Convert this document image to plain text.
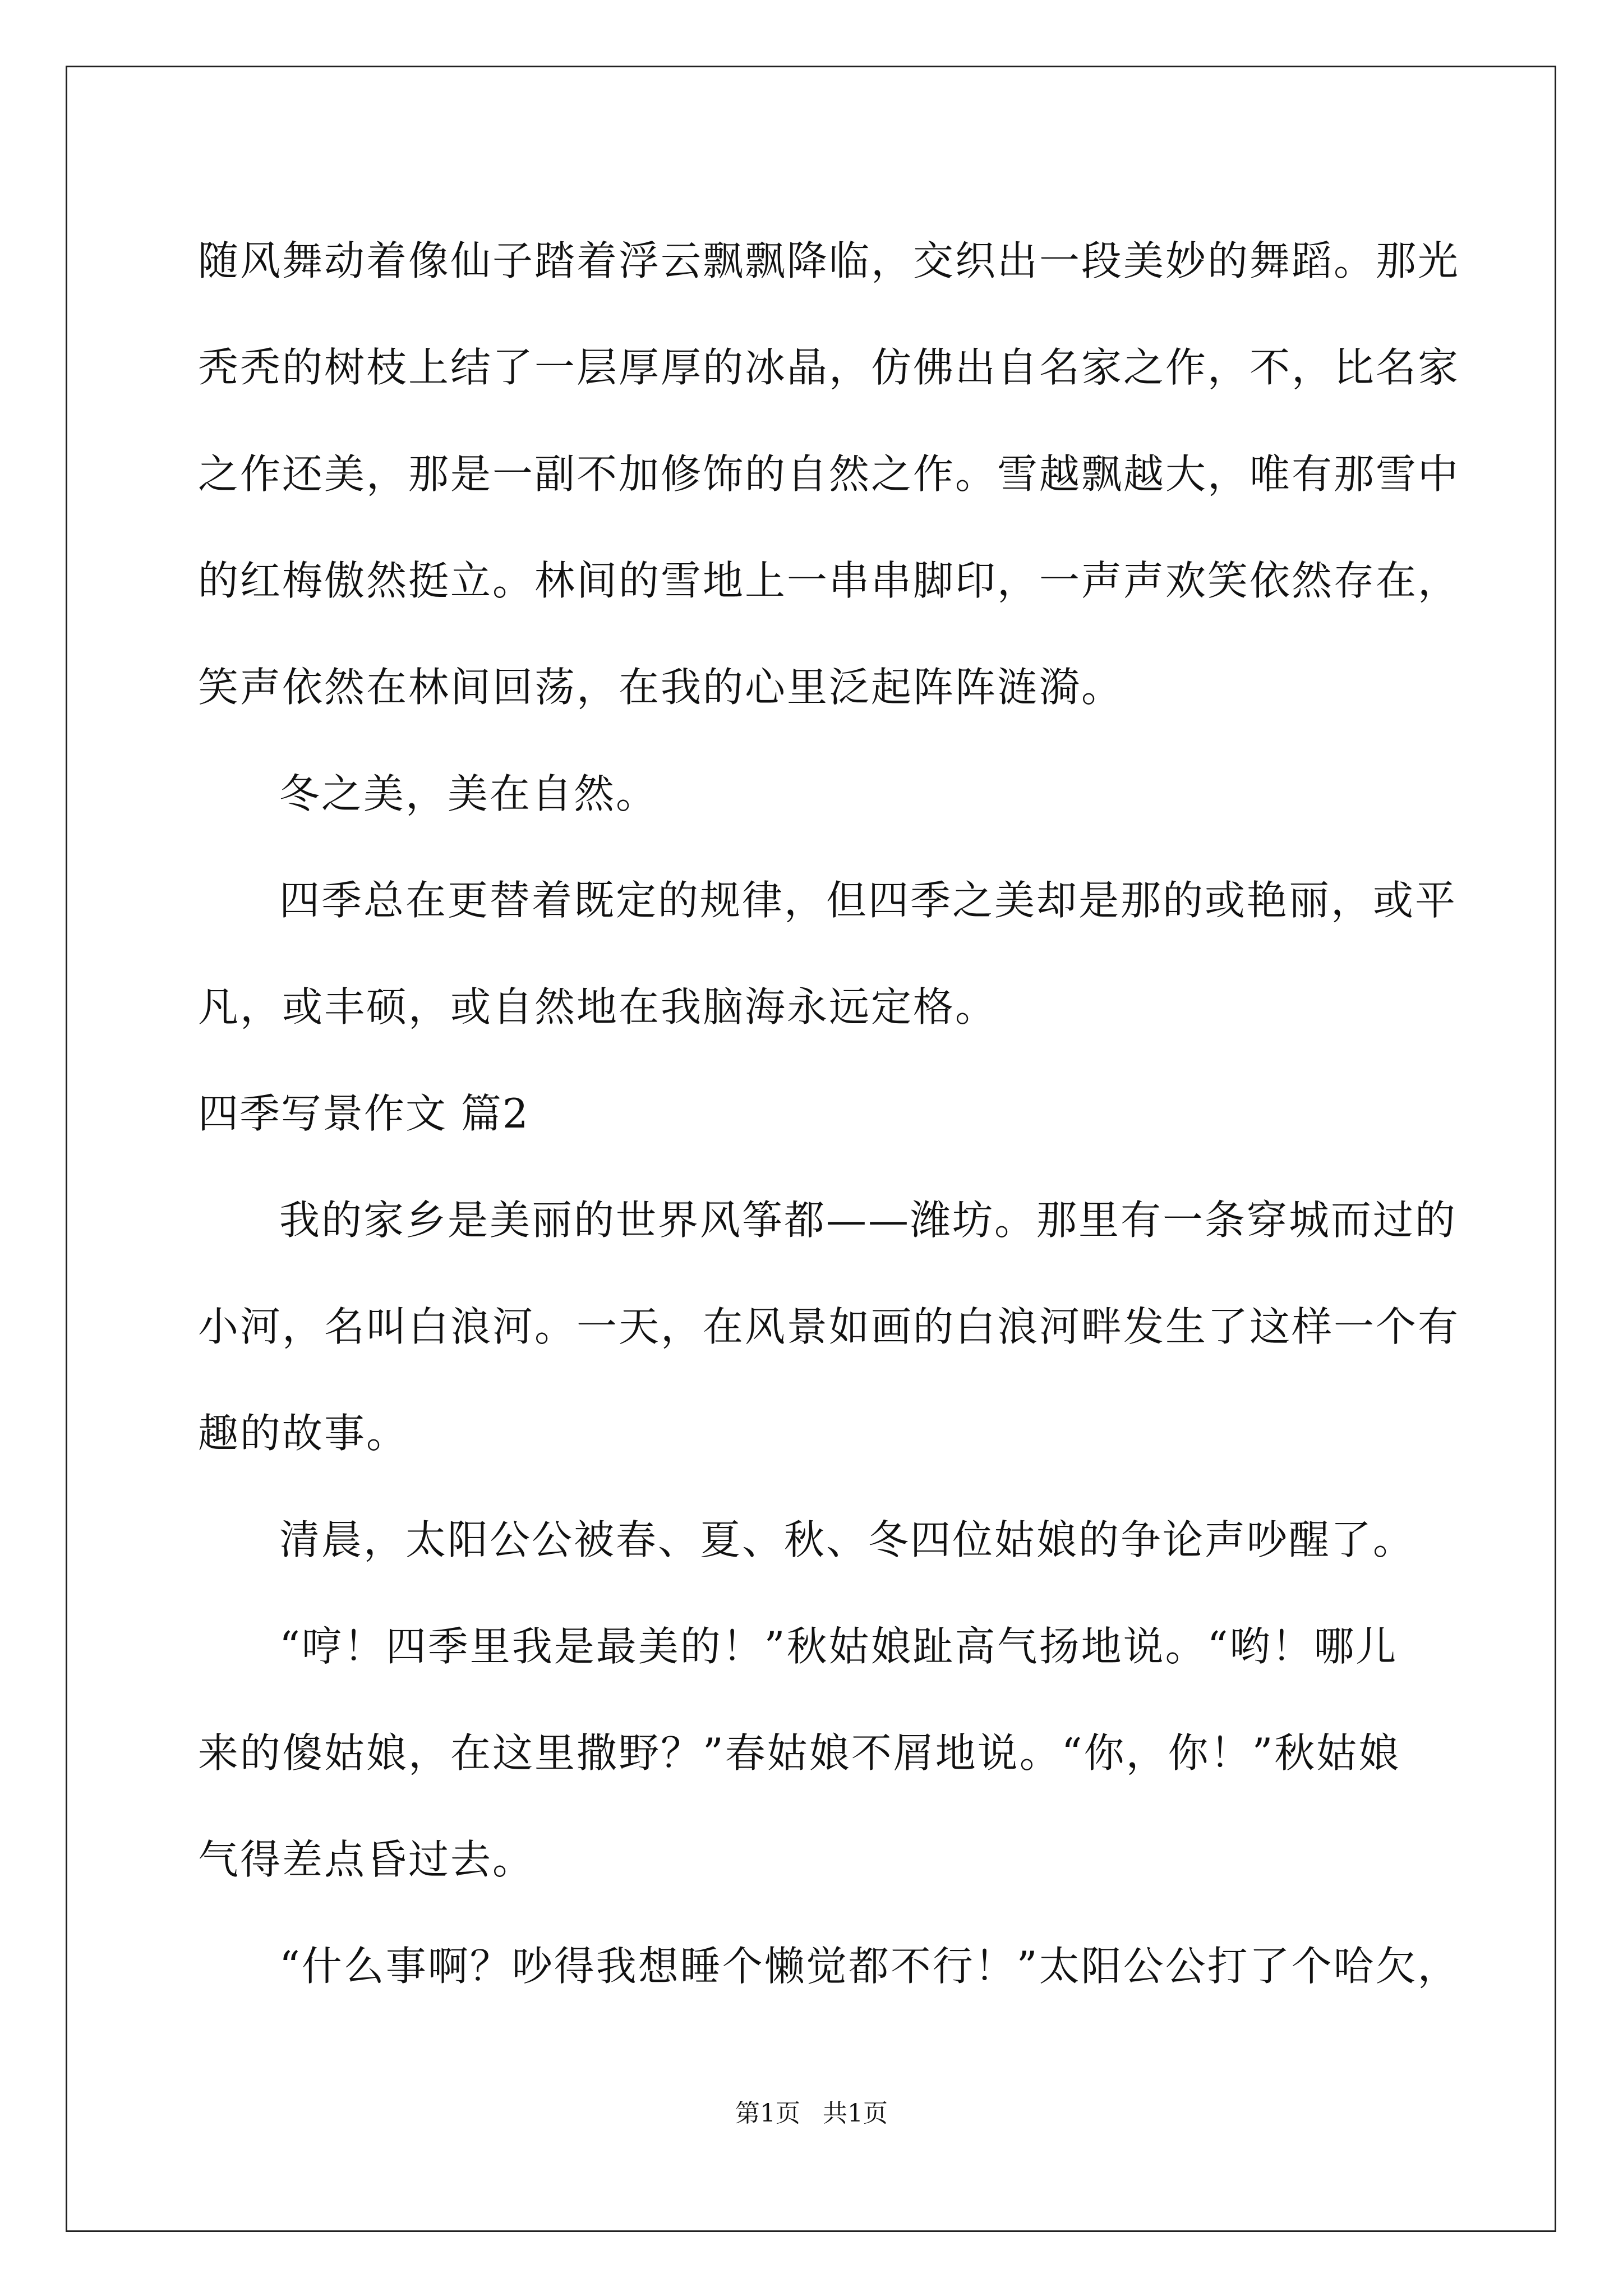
随风舞动着像仙子踏着浮云飘飘降临，交织出一段美妙的舞蹈。那光
秃秃的树枝上结了一层厚厚的冰晶，仿佛出自名家之作，不，比名家
之作还美，那是一副不加修饰的自然之作。雪越飘越大，唯有那雪中
的红梅傲然挺立。林间的雪地上一串串脚印，一声声欢笑依然存在，
笑声依然在林间回荡，在我的心里泛起阵阵涟漪。
冬之美，美在自然。
四季总在更替着既定的规律，但四季之美却是那的或艳丽，或平
凡，或丰硕，或自然地在我脑海永远定格。
四季写景作文 篇2
我的家乡是美丽的世界风筝都——潍坊。那里有一条穿城而过的
小河，名叫白浪河。一天，在风景如画的白浪河畔发生了这样一个有
趣的故事。
清晨，太阳公公被春、夏、秋、冬四位姑娘的争论声吵醒了。
“哼！四季里我是最美的！”秋姑娘趾高气扬地说。“哟！哪儿
来的傻姑娘，在这里撒野？”春姑娘不屑地说。“你，你！”秋姑娘
气得差点昏过去。
“什么事啊？吵得我想睡个懒觉都不行！”太阳公公打了个哈欠，
第1页 共1页
